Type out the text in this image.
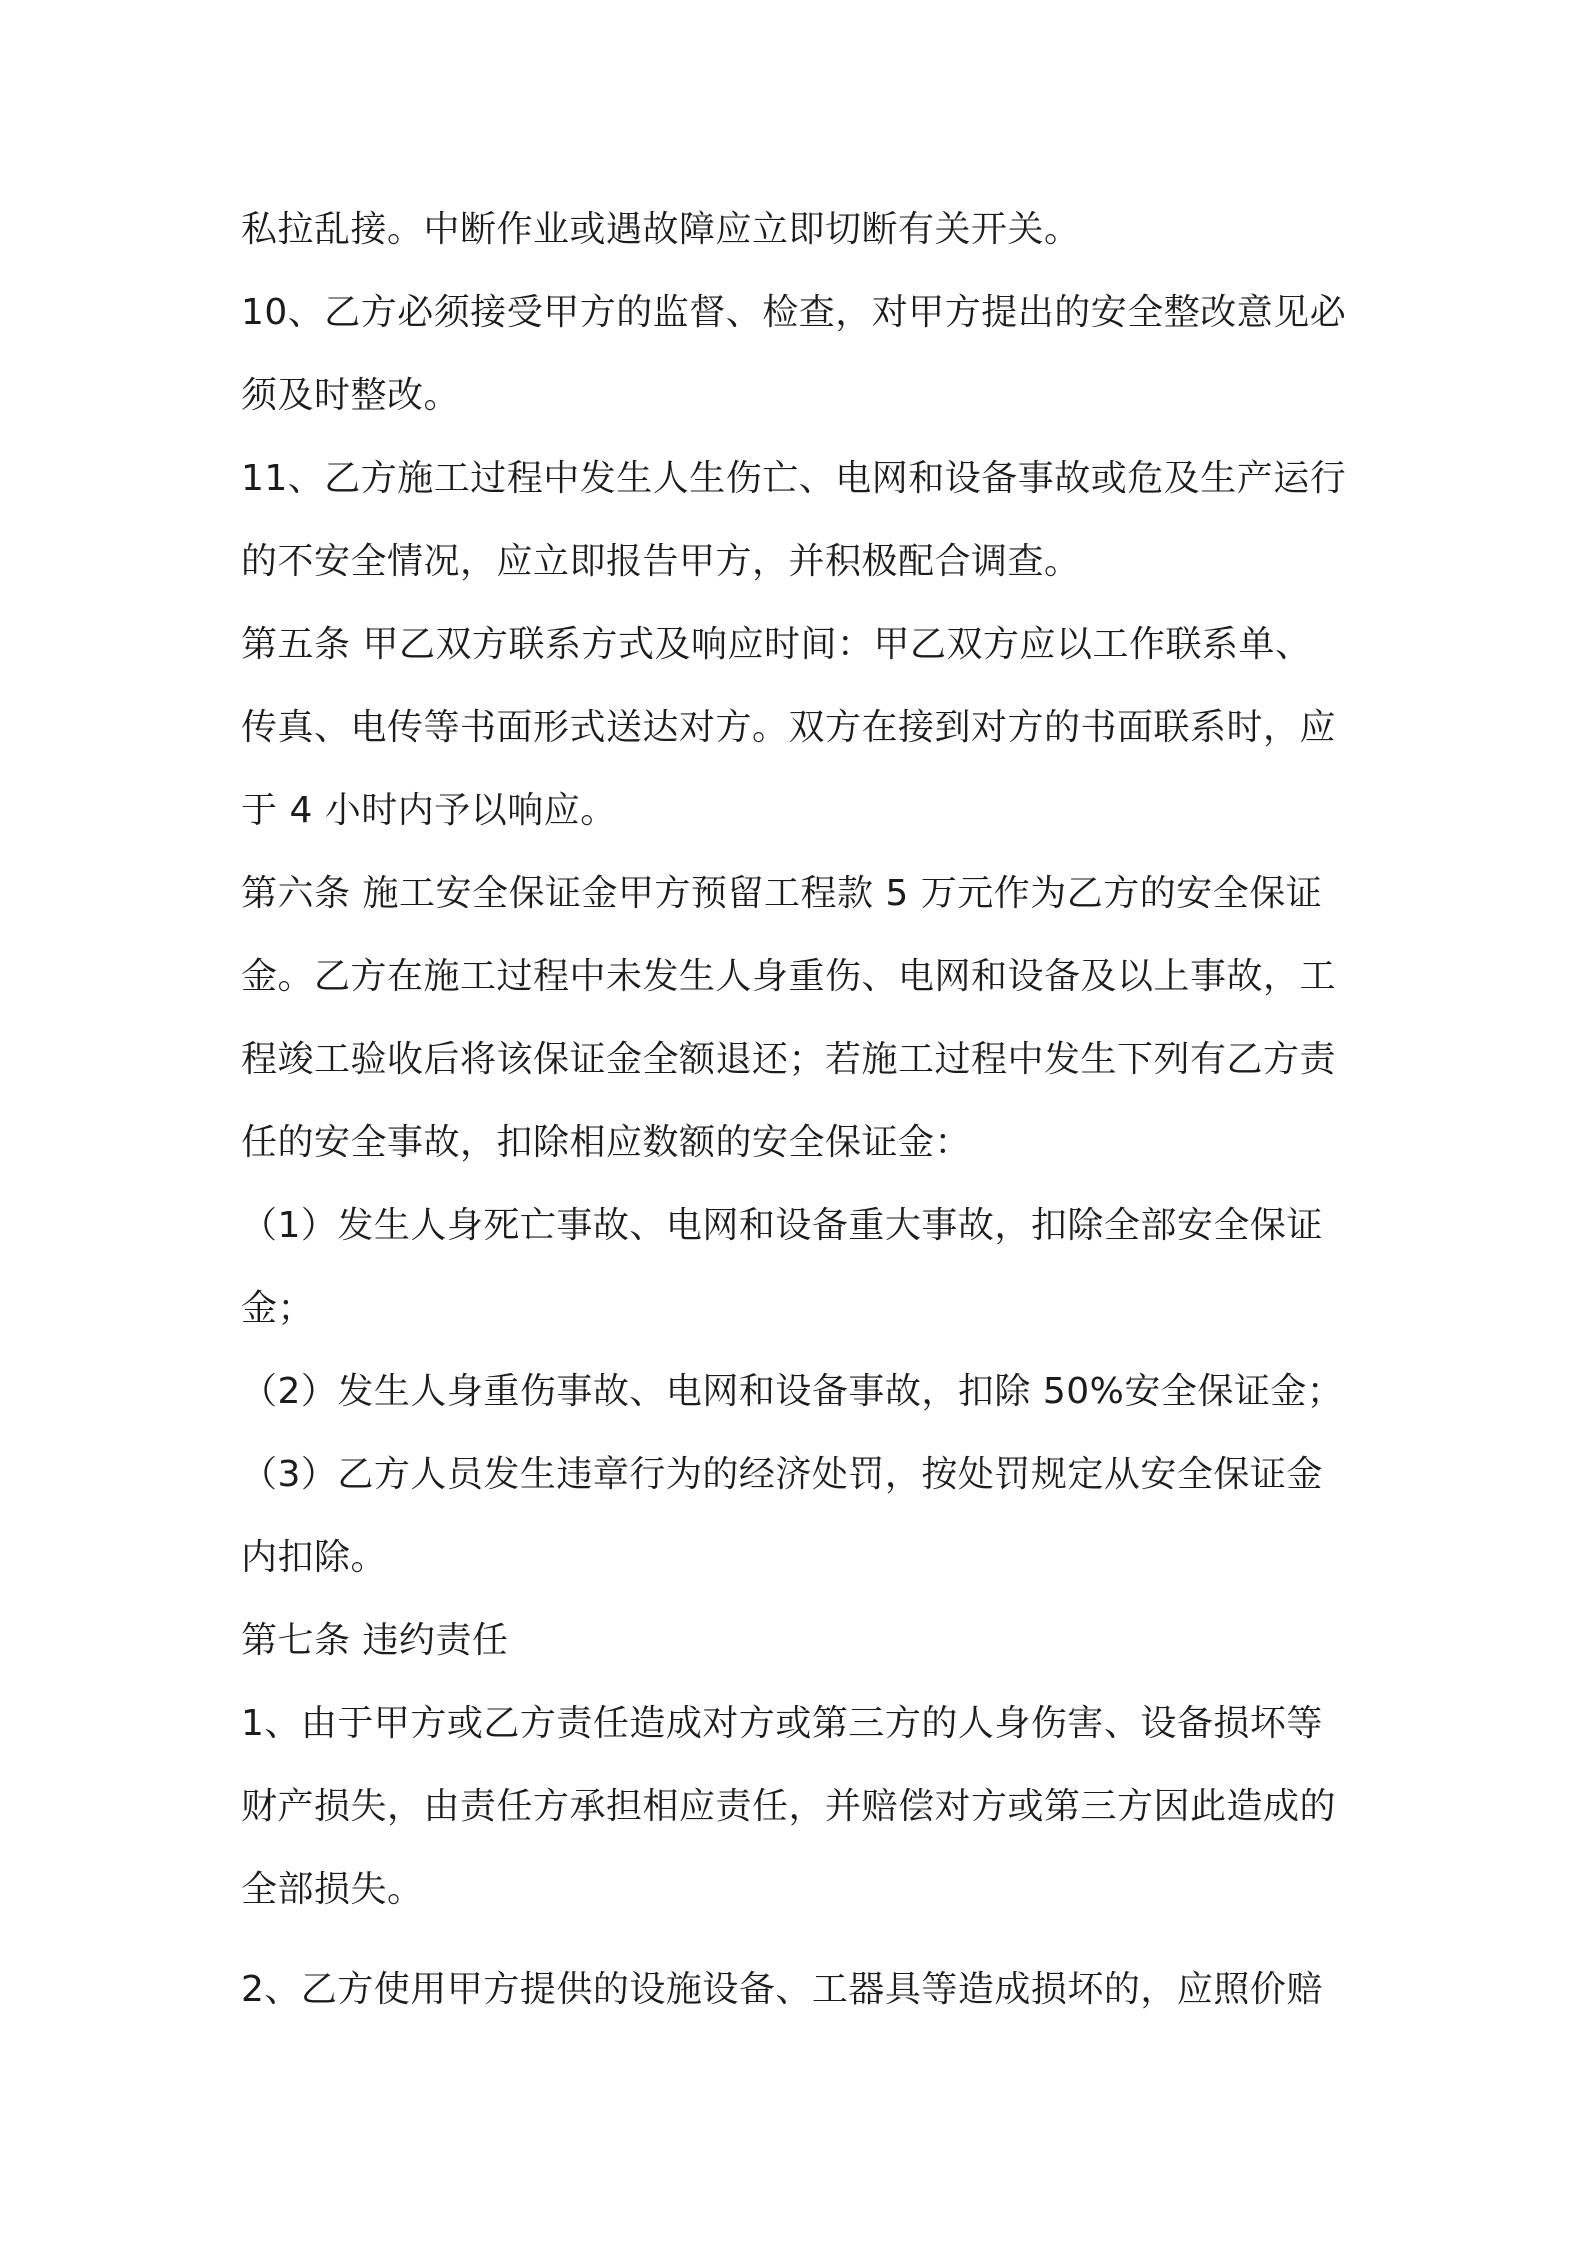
私拉乱接。中断作业或遇故障应立即切断有关开关。
10、乙方必须接受甲方的监督、检查，对甲方提出的安全整改意见必
须及时整改。
11、乙方施工过程中发生人生伤亡、电网和设备事故或危及生产运行
的不安全情况，应立即报告甲方，并积极配合调查。
第五条 甲乙双方联系方式及响应时间：甲乙双方应以工作联系单、
传真、电传等书面形式送达对方。双方在接到对方的书面联系时，应
于 4 小时内予以响应。
第六条 施工安全保证金甲方预留工程款 5 万元作为乙方的安全保证
金。乙方在施工过程中未发生人身重伤、电网和设备及以上事故，工
程竣工验收后将该保证金全额退还；若施工过程中发生下列有乙方责
任的安全事故，扣除相应数额的安全保证金：
（1）发生人身死亡事故、电网和设备重大事故，扣除全部安全保证
金；
（2）发生人身重伤事故、电网和设备事故，扣除 50%安全保证金；
（3）乙方人员发生违章行为的经济处罚，按处罚规定从安全保证金
内扣除。
第七条 违约责任
1、由于甲方或乙方责任造成对方或第三方的人身伤害、设备损坏等
财产损失，由责任方承担相应责任，并赔偿对方或第三方因此造成的
全部损失。
2、乙方使用甲方提供的设施设备、工器具等造成损坏的，应照价赔
